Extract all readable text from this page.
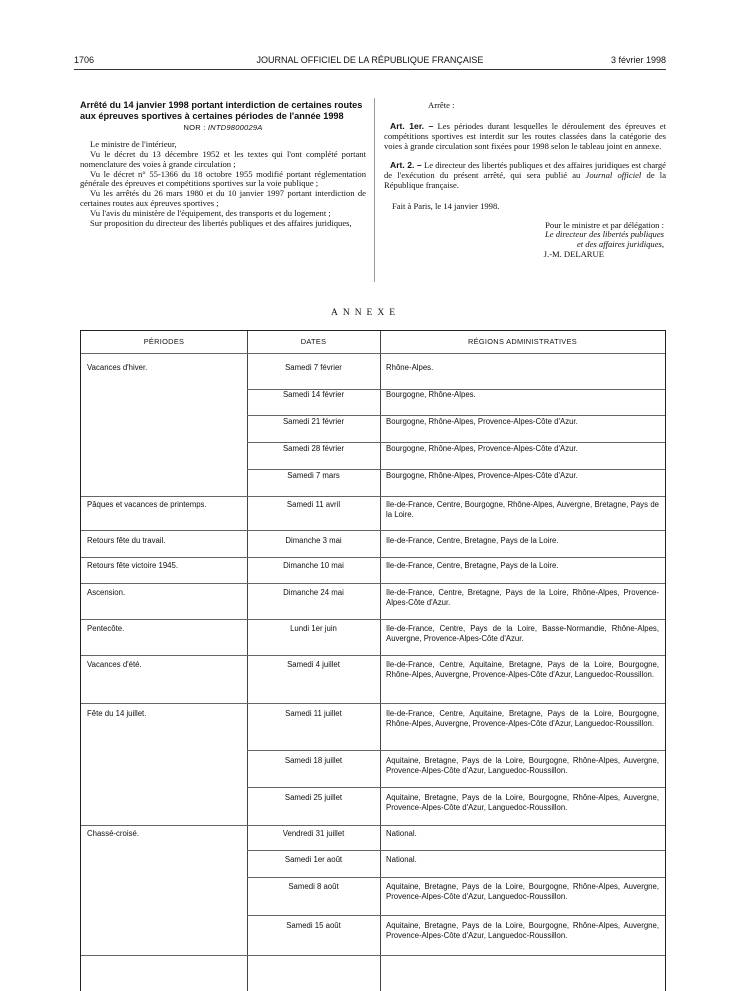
1706	JOURNAL OFFICIEL DE LA RÉPUBLIQUE FRANÇAISE	3 février 1998

Arrêté du 14 janvier 1998 portant interdiction de certaines routes aux épreuves sportives à certaines périodes de l'année 1998

NOR : INTD9800029A

Le ministre de l'intérieur,

Vu le décret du 13 décembre 1952 et les textes qui l'ont complété portant nomenclature des voies à grande circulation ;

Vu le décret n° 55-1366 du 18 octobre 1955 modifié portant réglementation générale des épreuves et compétitions sportives sur la voie publique ;

Vu les arrêtés du 26 mars 1980 et du 10 janvier 1997 portant interdiction de certaines routes aux épreuves sportives ;

Vu l'avis du ministère de l'équipement, des transports et du logement ;

Sur proposition du directeur des libertés publiques et des affaires juridiques,

Arrête :

Art. 1er. – Les périodes durant lesquelles le déroulement des épreuves et compétitions sportives est interdit sur les routes classées dans la catégorie des voies à grande circulation sont fixées pour 1998 selon le tableau joint en annexe.

Art. 2. – Le directeur des libertés publiques et des affaires juridiques est chargé de l'exécution du présent arrêté, qui sera publié au Journal officiel de la République française.

Fait à Paris, le 14 janvier 1998.

Pour le ministre et par délégation :
Le directeur des libertés publiques
et des affaires juridiques,
J.-M. DELARUE
ANNEXE
PÉRIODES	DATES	RÉGIONS ADMINISTRATIVES
Vacances d'hiver.	Samedi 7 février	Rhône-Alpes.
Samedi 14 février	Bourgogne, Rhône-Alpes.
Samedi 21 février	Bourgogne, Rhône-Alpes, Provence-Alpes-Côte d'Azur.
Samedi 28 février	Bourgogne, Rhône-Alpes, Provence-Alpes-Côte d'Azur.
Samedi 7 mars	Bourgogne, Rhône-Alpes, Provence-Alpes-Côte d'Azur.
Pâques et vacances de printemps.	Samedi 11 avril	Ile-de-France, Centre, Bourgogne, Rhône-Alpes, Auvergne, Bretagne, Pays de la Loire.
Retours fête du travail.	Dimanche 3 mai	Ile-de-France, Centre, Bretagne, Pays de la Loire.
Retours fête victoire 1945.	Dimanche 10 mai	Ile-de-France, Centre, Bretagne, Pays de la Loire.
Ascension.	Dimanche 24 mai	Ile-de-France, Centre, Bretagne, Pays de la Loire, Rhône-Alpes, Provence-Alpes-Côte d'Azur.
Pentecôte.	Lundi 1er juin	Ile-de-France, Centre, Pays de la Loire, Basse-Normandie, Rhône-Alpes, Auvergne, Provence-Alpes-Côte d'Azur.
Vacances d'été.	Samedi 4 juillet	Ile-de-France, Centre, Aquitaine, Bretagne, Pays de la Loire, Bourgogne, Rhône-Alpes, Auvergne, Provence-Alpes-Côte d'Azur, Languedoc-Roussillon.
Fête du 14 juillet.	Samedi 11 juillet	Ile-de-France, Centre, Aquitaine, Bretagne, Pays de la Loire, Bourgogne, Rhône-Alpes, Auvergne, Provence-Alpes-Côte d'Azur, Languedoc-Roussillon.
Samedi 18 juillet	Aquitaine, Bretagne, Pays de la Loire, Bourgogne, Rhône-Alpes, Auvergne, Provence-Alpes-Côte d'Azur, Languedoc-Roussillon.
Samedi 25 juillet	Aquitaine, Bretagne, Pays de la Loire, Bourgogne, Rhône-Alpes, Auvergne, Provence-Alpes-Côte d'Azur, Languedoc-Roussillon.
Chassé-croisé.	Vendredi 31 juillet	National.
Samedi 1er août	National.
Samedi 8 août	Aquitaine, Bretagne, Pays de la Loire, Bourgogne, Rhône-Alpes, Auvergne, Provence-Alpes-Côte d'Azur, Languedoc-Roussillon.
Samedi 15 août	Aquitaine, Bretagne, Pays de la Loire, Bourgogne, Rhône-Alpes, Auvergne, Provence-Alpes-Côte d'Azur, Languedoc-Roussillon.
